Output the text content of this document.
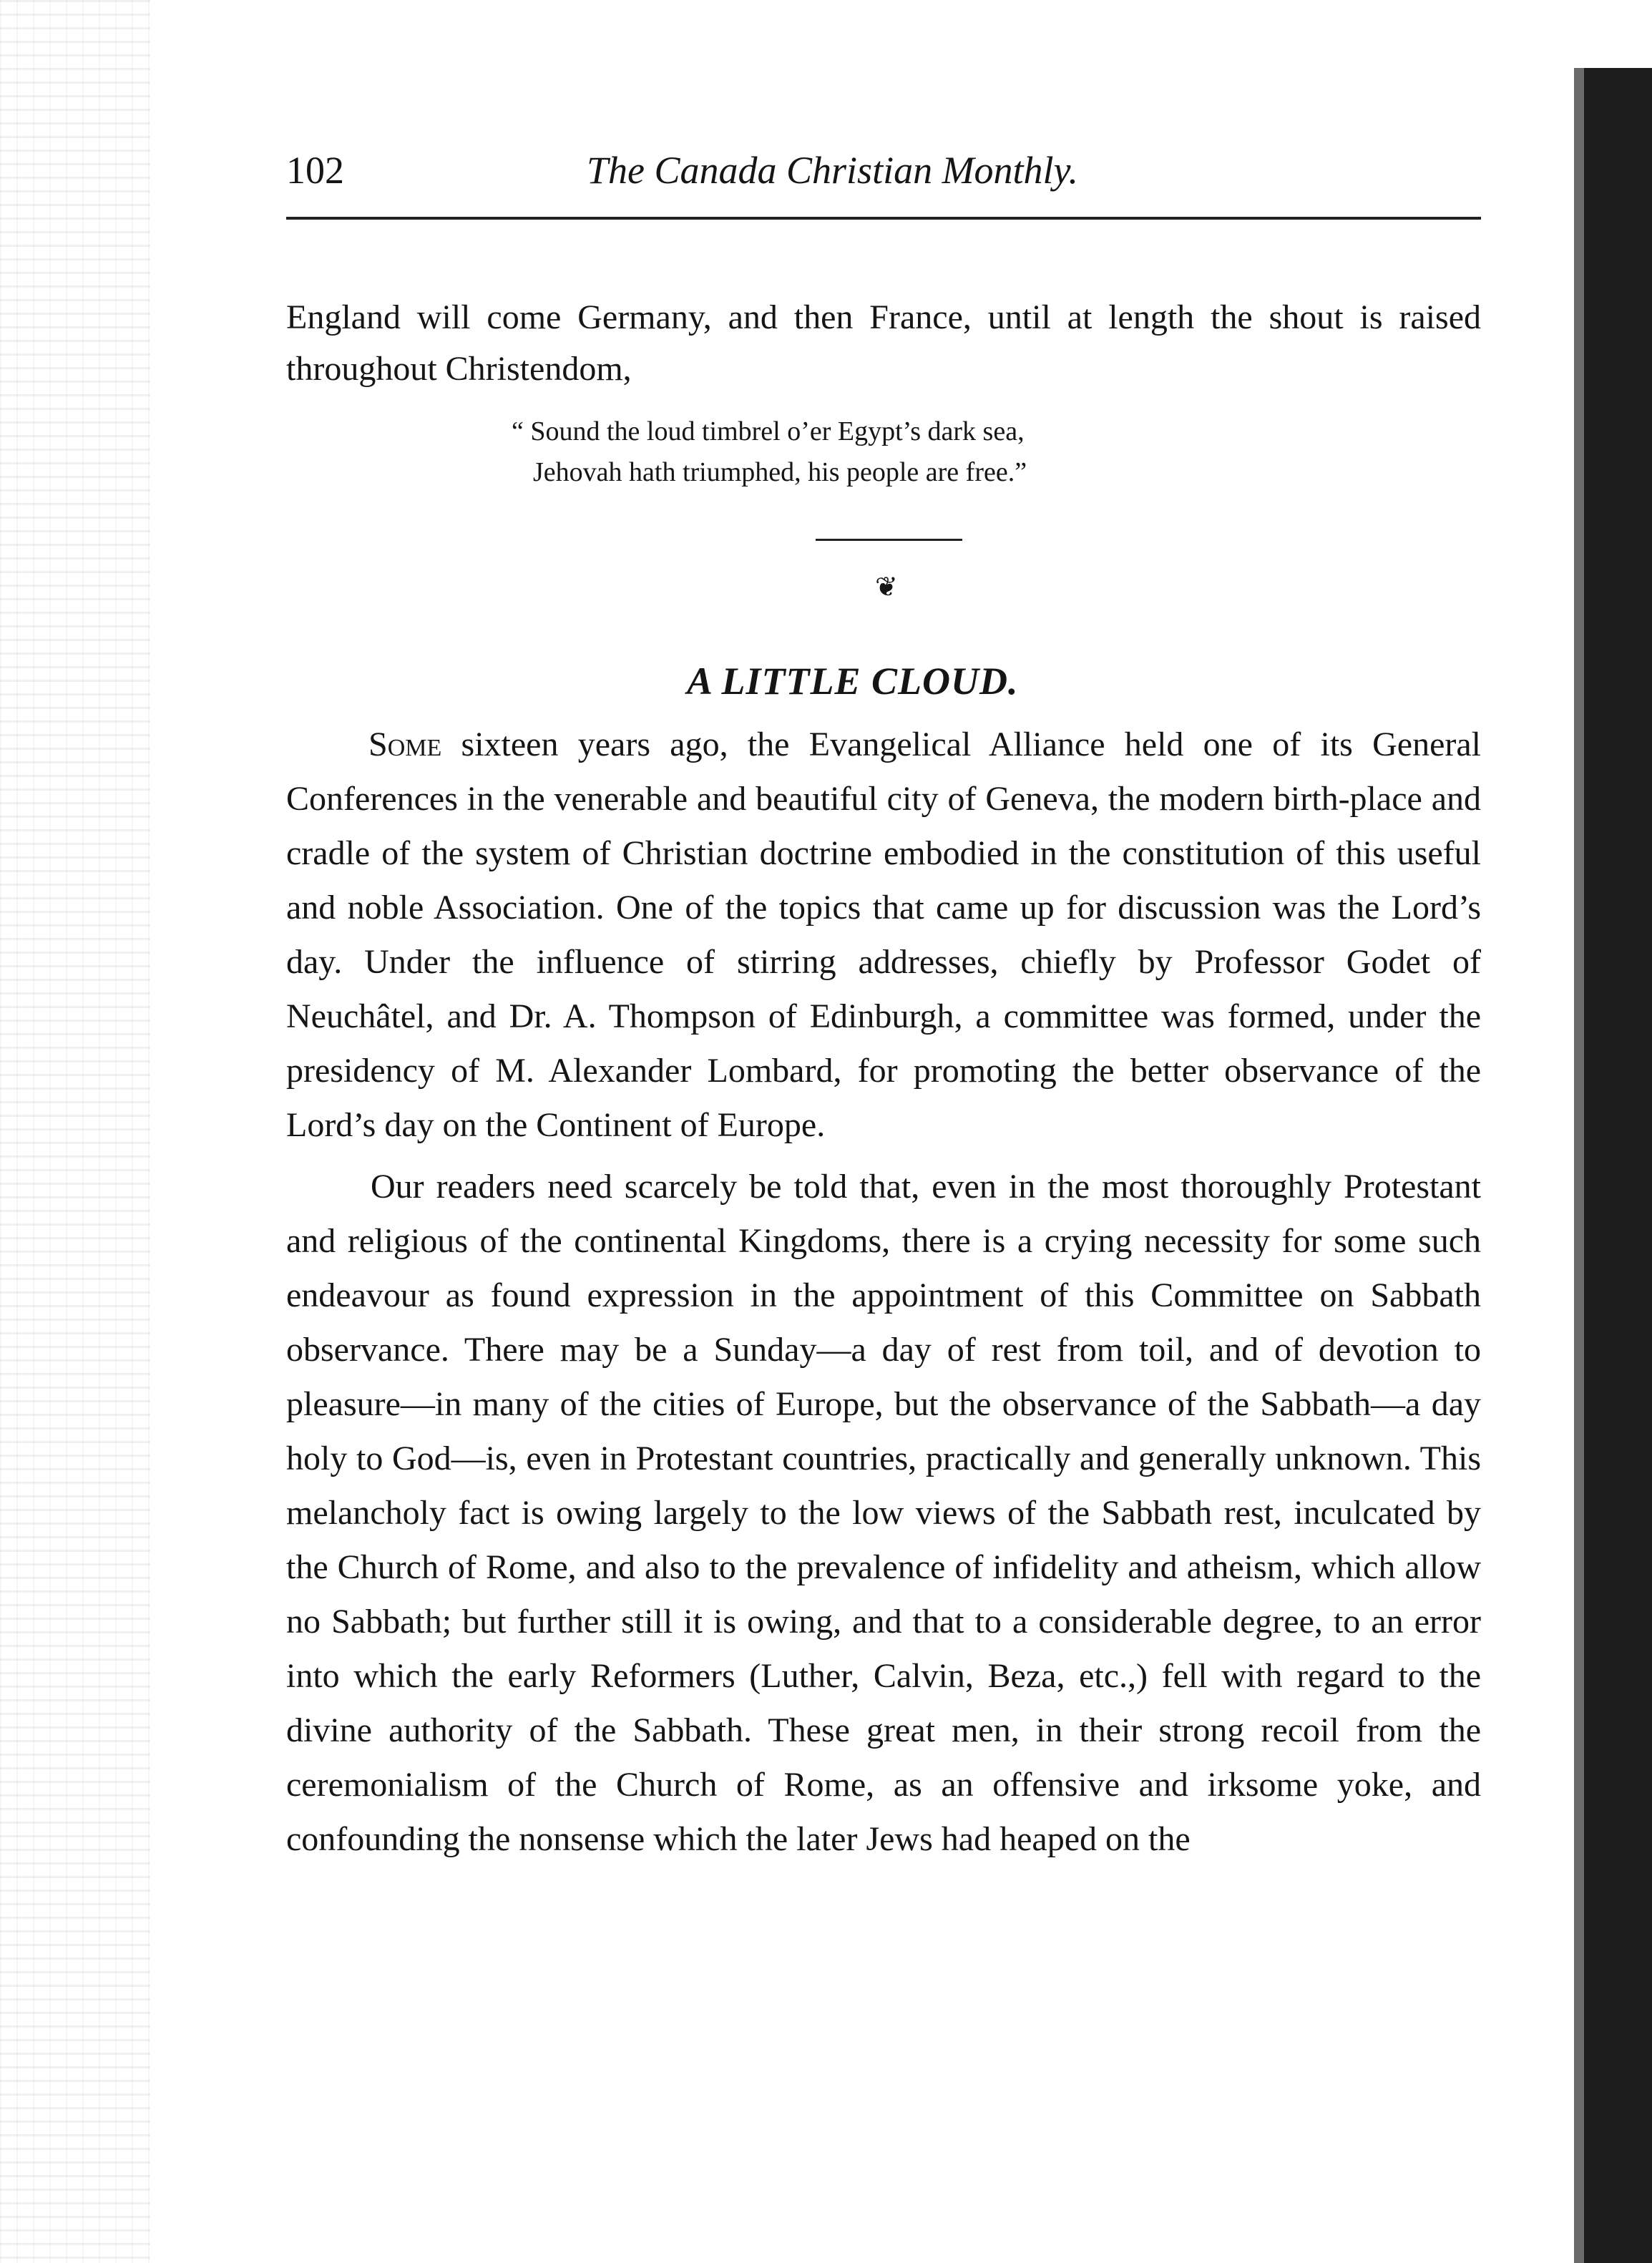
102	The Canada Christian Monthly.

England will come Germany, and then France, until at length the shout is raised throughout Christendom,

“ Sound the loud timbrel o’er Egypt’s dark sea,
Jehovah hath triumphed, his people are free.”
❦
A LITTLE CLOUD.

Some sixteen years ago, the Evangelical Alliance held one of its General Conferences in the venerable and beautiful city of Geneva, the modern birth-place and cradle of the system of Christian doctrine embodied in the constitution of this useful and noble Association. One of the topics that came up for discussion was the Lord’s day. Under the influence of stirring addresses, chiefly by Professor Godet of Neuchâtel, and Dr. A. Thompson of Edinburgh, a committee was formed, under the presidency of M. Alexander Lombard, for promoting the better observance of the Lord’s day on the Continent of Europe.

Our readers need scarcely be told that, even in the most thoroughly Protestant and religious of the continental Kingdoms, there is a crying necessity for some such endeavour as found expression in the appointment of this Committee on Sabbath observance. There may be a Sunday—a day of rest from toil, and of devotion to pleasure—in many of the cities of Europe, but the observance of the Sabbath—a day holy to God—is, even in Protestant countries, practically and generally unknown. This melancholy fact is owing largely to the low views of the Sabbath rest, inculcated by the Church of Rome, and also to the prevalence of infidelity and atheism, which allow no Sabbath; but further still it is owing, and that to a considerable degree, to an error into which the early Reformers (Luther, Calvin, Beza, etc.,) fell with regard to the divine authority of the Sabbath. These great men, in their strong recoil from the ceremonialism of the Church of Rome, as an offensive and irksome yoke, and confounding the nonsense which the later Jews had heaped on the
